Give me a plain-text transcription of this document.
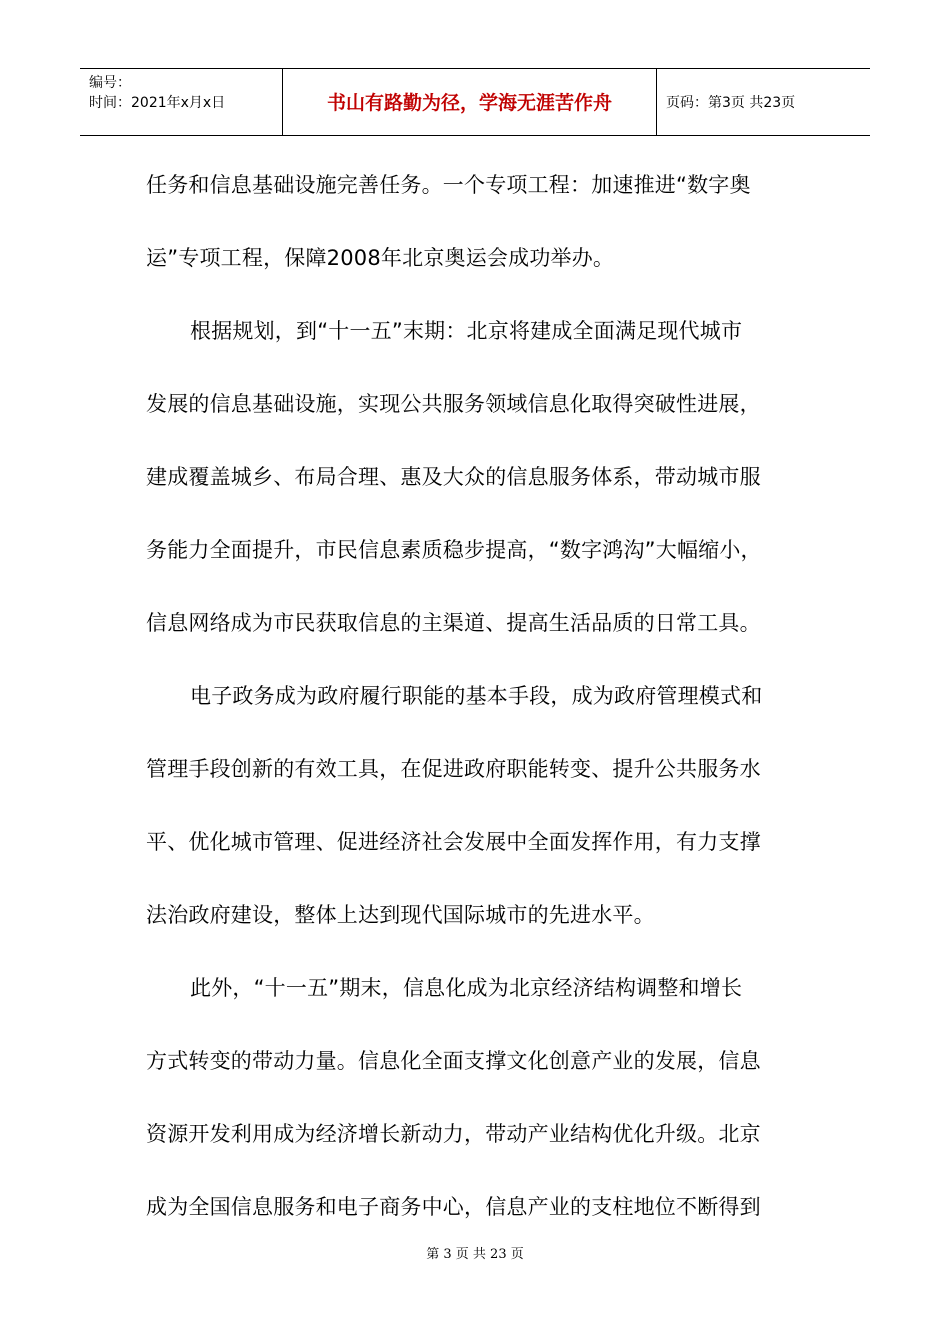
编号：
时间：2021年x月x日	书山有路勤为径，学海无涯苦作舟	页码：第3页 共23页
任务和信息基础设施完善任务。一个专项工程：加速推进“数字奥
运”专项工程，保障2008年北京奥运会成功举办。
根据规划，到“十一五”末期：北京将建成全面满足现代城市
发展的信息基础设施，实现公共服务领域信息化取得突破性进展，
建成覆盖城乡、布局合理、惠及大众的信息服务体系，带动城市服
务能力全面提升，市民信息素质稳步提高，“数字鸿沟”大幅缩小，
信息网络成为市民获取信息的主渠道、提高生活品质的日常工具。
电子政务成为政府履行职能的基本手段，成为政府管理模式和
管理手段创新的有效工具，在促进政府职能转变、提升公共服务水
平、优化城市管理、促进经济社会发展中全面发挥作用，有力支撑
法治政府建设，整体上达到现代国际城市的先进水平。
此外，“十一五”期末，信息化成为北京经济结构调整和增长
方式转变的带动力量。信息化全面支撑文化创意产业的发展，信息
资源开发利用成为经济增长新动力，带动产业结构优化升级。北京
成为全国信息服务和电子商务中心，信息产业的支柱地位不断得到
第 3 页 共 23 页
